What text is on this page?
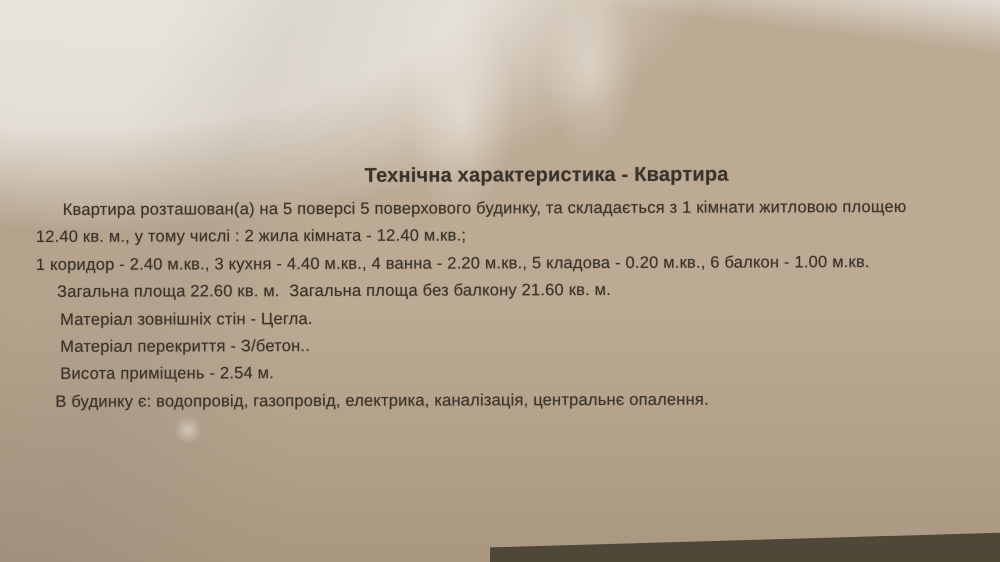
Технічна характеристика - Квартира

Квартира розташован(а) на 5 поверсі 5 поверхового будинку, та складається з 1 кімнати житловою площею

12.40 кв. м., у тому числі : 2 жила кімната - 12.40 м.кв.;

1 коридор - 2.40 м.кв., 3 кухня - 4.40 м.кв., 4 ванна - 2.20 м.кв., 5 кладова - 0.20 м.кв., 6 балкон - 1.00 м.кв.

Загальна площа 22.60 кв. м.  Загальна площа без балкону 21.60 кв. м.

Матеріал зовнішніх стін - Цегла.

Матеріал перекриття - З/бетон..

Висота приміщень - 2.54 м.

В будинку є: водопровід, газопровід, електрика, каналізація, центральнє опалення.
